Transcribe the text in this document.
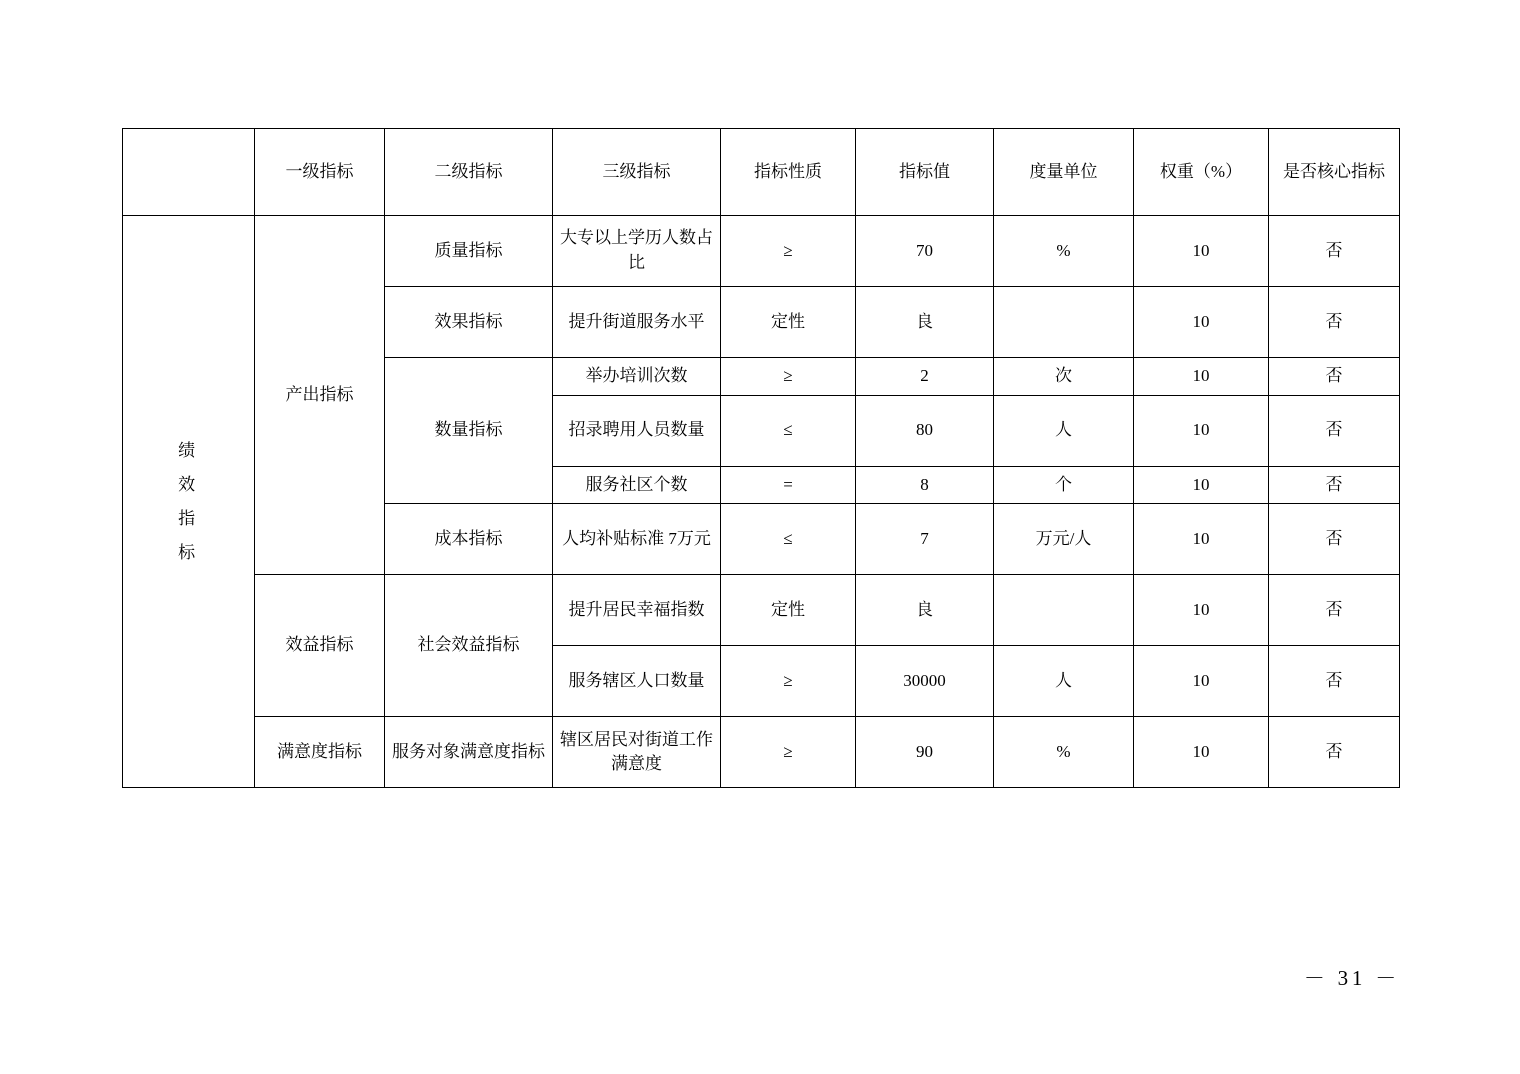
	一级指标	二级指标	三级指标	指标性质	指标值	度量单位	权重（%）	是否核心指标

绩
效
指
标	产出指标	质量指标	大专以上学历人数占比	≥	70	%	10	否
		效果指标	提升街道服务水平	定性	良		10	否
		数量指标	举办培训次数	≥	2	次	10	否
			招录聘用人员数量	≤	80	人	10	否
			服务社区个数	=	8	个	10	否
		成本指标	人均补贴标准 7万元	≤	7	万元/人	10	否
	效益指标	社会效益指标	提升居民幸福指数	定性	良		10	否
			服务辖区人口数量	≥	30000	人	10	否
	满意度指标	服务对象满意度指标	辖区居民对街道工作满意度	≥	90	%	10	否
－ 31 －
